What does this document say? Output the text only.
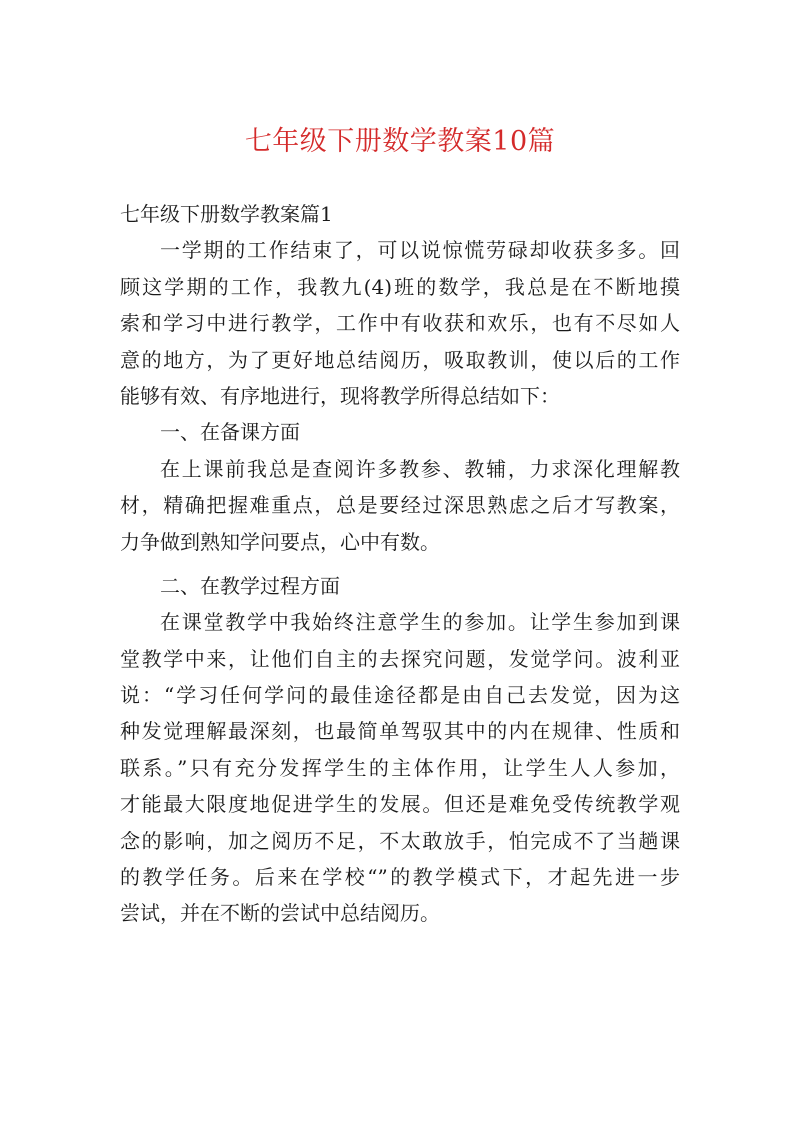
七年级下册数学教案10篇
七年级下册数学教案篇1
一学期的工作结束了，可以说惊慌劳碌却收获多多。回
顾这学期的工作，我教九(4)班的数学，我总是在不断地摸
索和学习中进行教学，工作中有收获和欢乐，也有不尽如人
意的地方，为了更好地总结阅历，吸取教训，使以后的工作
能够有效、有序地进行，现将教学所得总结如下：
一、在备课方面
在上课前我总是查阅许多教参、教辅，力求深化理解教
材，精确把握难重点，总是要经过深思熟虑之后才写教案，
力争做到熟知学问要点，心中有数。
二、在教学过程方面
在课堂教学中我始终注意学生的参加。让学生参加到课
堂教学中来，让他们自主的去探究问题，发觉学问。波利亚
说：“学习任何学问的最佳途径都是由自己去发觉，因为这
种发觉理解最深刻，也最简单驾驭其中的内在规律、性质和
联系。”只有充分发挥学生的主体作用，让学生人人参加，
才能最大限度地促进学生的发展。但还是难免受传统教学观
念的影响，加之阅历不足，不太敢放手，怕完成不了当趟课
的教学任务。后来在学校“”的教学模式下，才起先进一步
尝试，并在不断的尝试中总结阅历。
